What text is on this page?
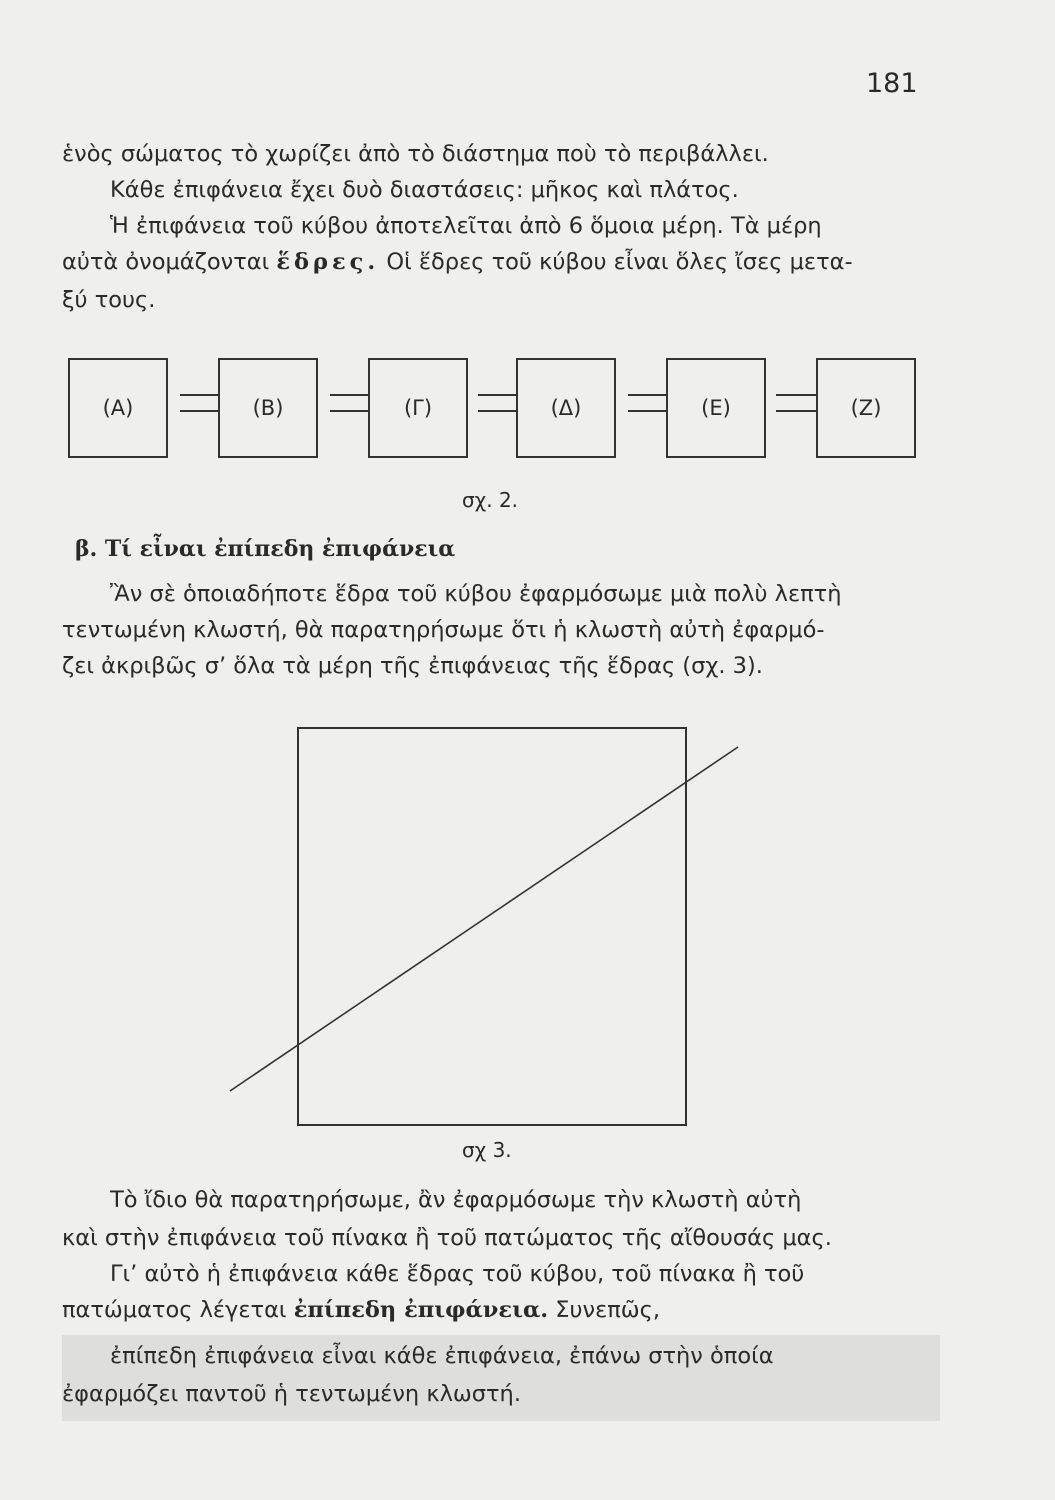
181
ἑνὸς σώματος τὸ χωρίζει ἀπὸ τὸ διάστημα ποὺ τὸ περιβάλλει.
Κάθε ἐπιφάνεια ἔχει δυὸ διαστάσεις: μῆκος καὶ πλάτος.
Ἡ ἐπιφάνεια τοῦ κύβου ἀποτελεῖται ἀπὸ 6 ὅμοια μέρη. Τὰ μέρη
αὐτὰ ὀνομάζονται ἕδρες. Οἱ ἕδρες τοῦ κύβου εἶναι ὅλες ἴσες μετα-
ξύ τους.
(A)	(B)	(Γ)	(Δ)	(E)	(Z)
σχ. 2.
β. Τί εἶναι ἐπίπεδη ἐπιφάνεια
Ἂν σὲ ὁποιαδήποτε ἕδρα τοῦ κύβου ἐφαρμόσωμε μιὰ πολὺ λεπτὴ
τεντωμένη κλωστή, θὰ παρατηρήσωμε ὅτι ἡ κλωστὴ αὐτὴ ἐφαρμό-
ζει ἀκριβῶς σ’ ὅλα τὰ μέρη τῆς ἐπιφάνειας τῆς ἕδρας (σχ. 3).
σχ 3.
Τὸ ἴδιο θὰ παρατηρήσωμε, ἂν ἐφαρμόσωμε τὴν κλωστὴ αὐτὴ
καὶ στὴν ἐπιφάνεια τοῦ πίνακα ἢ τοῦ πατώματος τῆς αἴθουσάς μας.
Γι’ αὐτὸ ἡ ἐπιφάνεια κάθε ἕδρας τοῦ κύβου, τοῦ πίνακα ἢ τοῦ
πατώματος λέγεται ἐπίπεδη ἐπιφάνεια. Συνεπῶς,
ἐπίπεδη ἐπιφάνεια εἶναι κάθε ἐπιφάνεια, ἐπάνω στὴν ὁποία
ἐφαρμόζει παντοῦ ἡ τεντωμένη κλωστή.
